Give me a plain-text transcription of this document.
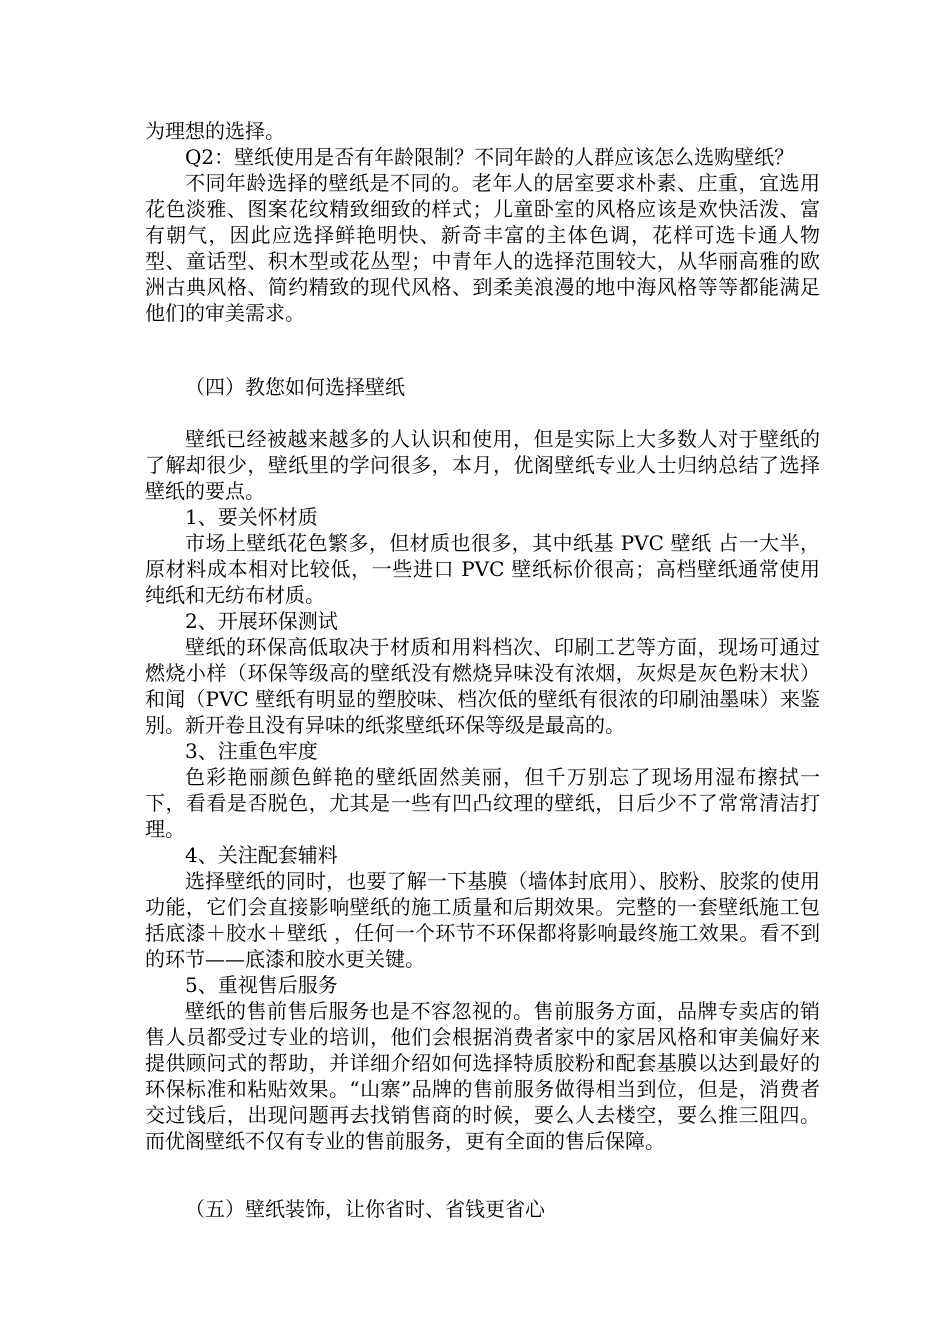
为理想的选择。

Q2：壁纸使用是否有年龄限制？不同年龄的人群应该怎么选购壁纸？

不同年龄选择的壁纸是不同的。老年人的居室要求朴素、庄重，宜选用花色淡雅、图案花纹精致细致的样式；儿童卧室的风格应该是欢快活泼、富有朝气，因此应选择鲜艳明快、新奇丰富的主体色调，花样可选卡通人物型、童话型、积木型或花丛型；中青年人的选择范围较大，从华丽高雅的欧洲古典风格、简约精致的现代风格、到柔美浪漫的地中海风格等等都能满足他们的审美需求。

（四）教您如何选择壁纸

壁纸已经被越来越多的人认识和使用，但是实际上大多数人对于壁纸的了解却很少，壁纸里的学问很多，本月，优阁壁纸专业人士归纳总结了选择壁纸的要点。

1、要关怀材质

市场上壁纸花色繁多，但材质也很多，其中纸基 PVC 壁纸 占一大半，原材料成本相对比较低，一些进口 PVC 壁纸标价很高；高档壁纸通常使用纯纸和无纺布材质。

2、开展环保测试

壁纸的环保高低取决于材质和用料档次、印刷工艺等方面，现场可通过燃烧小样（环保等级高的壁纸没有燃烧异味没有浓烟，灰烬是灰色粉末状）和闻（PVC 壁纸有明显的塑胶味、档次低的壁纸有很浓的印刷油墨味）来鉴别。新开卷且没有异味的纸浆壁纸环保等级是最高的。

3、注重色牢度

色彩艳丽颜色鲜艳的壁纸固然美丽，但千万别忘了现场用湿布擦拭一下，看看是否脱色，尤其是一些有凹凸纹理的壁纸，日后少不了常常清洁打理。

4、关注配套辅料

选择壁纸的同时，也要了解一下基膜（墙体封底用）、胶粉、胶浆的使用功能，它们会直接影响壁纸的施工质量和后期效果。完整的一套壁纸施工包括底漆＋胶水＋壁纸 ，任何一个环节不环保都将影响最终施工效果。看不到的环节——底漆和胶水更关键。

5、重视售后服务

壁纸的售前售后服务也是不容忽视的。售前服务方面，品牌专卖店的销售人员都受过专业的培训，他们会根据消费者家中的家居风格和审美偏好来提供顾问式的帮助，并详细介绍如何选择特质胶粉和配套基膜以达到最好的环保标准和粘贴效果。“山寨”品牌的售前服务做得相当到位，但是，消费者交过钱后，出现问题再去找销售商的时候，要么人去楼空，要么推三阻四。而优阁壁纸不仅有专业的售前服务，更有全面的售后保障。

（五）壁纸装饰，让你省时、省钱更省心
